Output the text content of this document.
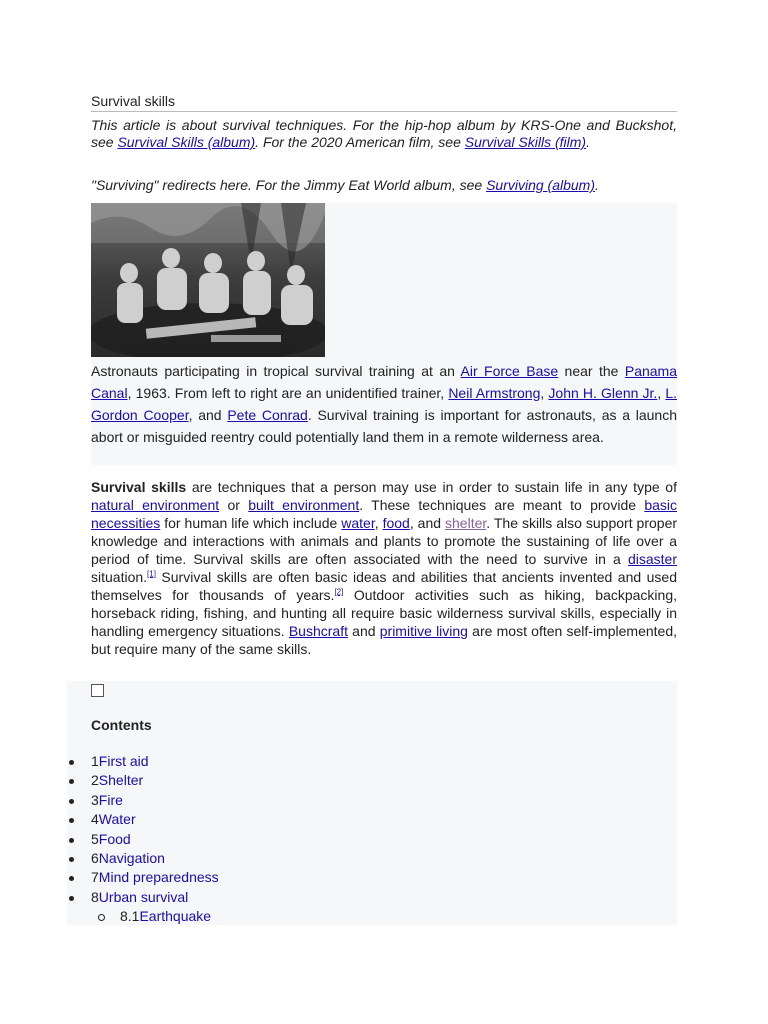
Survival skills

This article is about survival techniques. For the hip-hop album by KRS-One and Buckshot, see Survival Skills (album). For the 2020 American film, see Survival Skills (film).

"Surviving" redirects here. For the Jimmy Eat World album, see Surviving (album).

Astronauts participating in tropical survival training at an Air Force Base near the Panama Canal, 1963. From left to right are an unidentified trainer, Neil Armstrong, John H. Glenn Jr., L. Gordon Cooper, and Pete Conrad. Survival training is important for astronauts, as a launch abort or misguided reentry could potentially land them in a remote wilderness area.

Survival skills are techniques that a person may use in order to sustain life in any type of natural environment or built environment. These techniques are meant to provide basic necessities for human life which include water, food, and shelter. The skills also support proper knowledge and interactions with animals and plants to promote the sustaining of life over a period of time. Survival skills are often associated with the need to survive in a disaster situation.[1] Survival skills are often basic ideas and abilities that ancients invented and used themselves for thousands of years.[2] Outdoor activities such as hiking, backpacking, horseback riding, fishing, and hunting all require basic wilderness survival skills, especially in handling emergency situations. Bushcraft and primitive living are most often self-implemented, but require many of the same skills.

Contents

1First aid
2Shelter
3Fire
4Water
5Food
6Navigation
7Mind preparedness
8Urban survival
8.1Earthquake
